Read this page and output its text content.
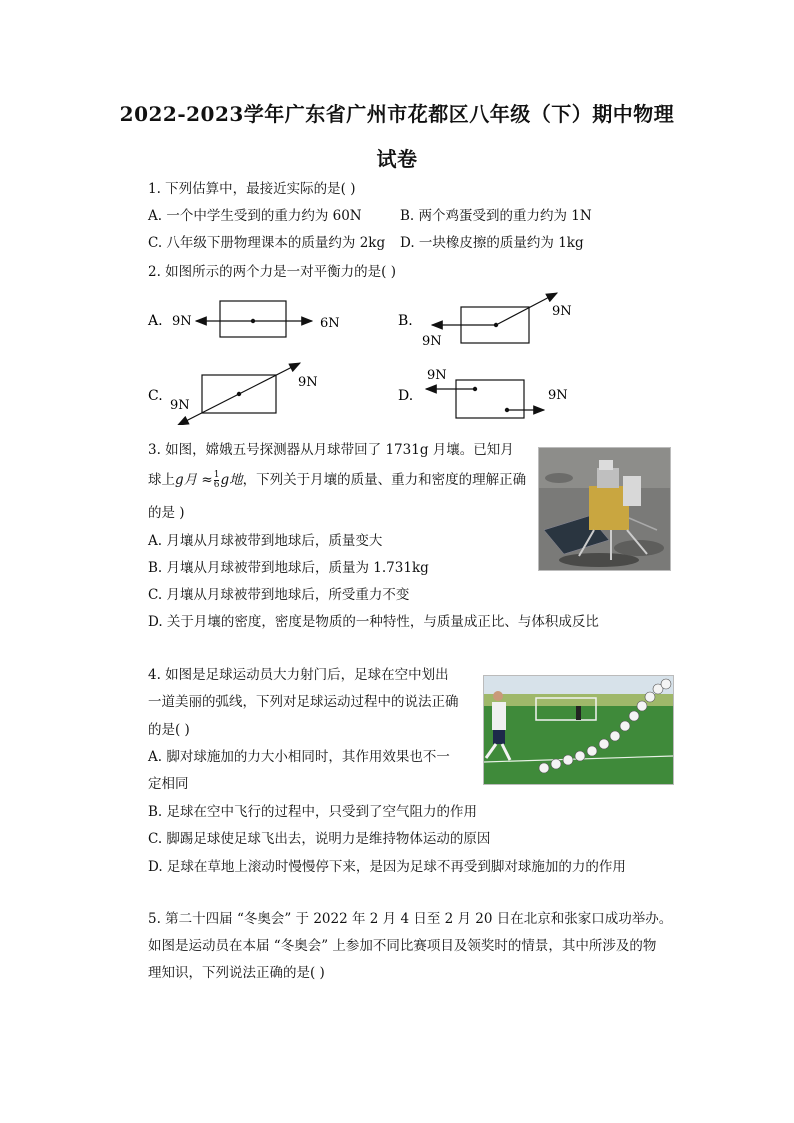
2022-2023学年广东省广州市花都区八年级（下）期中物理
试卷
1. 下列估算中，最接近实际的是( )
A. 一个中学生受到的重力约为 60N	B. 两个鸡蛋受到的重力约为 1N
C. 八年级下册物理课本的质量约为 2kg D. 一块橡皮擦的质量约为 1kg
2. 如图所示的两个力是一对平衡力的是( )
A. 9N	6N	B.
9N
9N
C.
9N
9N
D.
9N
9N
3. 如图，嫦娥五号探测器从月球带回了 1731g 月壤。已知月
球上g月 ≈ $\frac{1}{6}$ g地，下列关于月壤的质量、重力和密度的理解正确
的是 )
A. 月壤从月球被带到地球后，质量变大
B. 月壤从月球被带到地球后，质量为 1.731kg
C. 月壤从月球被带到地球后，所受重力不变
D. 关于月壤的密度，密度是物质的一种特性，与质量成正比、与体积成反比
4. 如图是足球运动员大力射门后，足球在空中划出
一道美丽的弧线，下列对足球运动过程中的说法正确
的是( )
A. 脚对球施加的力大小相同时，其作用效果也不一
定相同
B. 足球在空中飞行的过程中，只受到了空气阻力的作用
C. 脚踢足球使足球飞出去，说明力是维持物体运动的原因
D. 足球在草地上滚动时慢慢停下来，是因为足球不再受到脚对球施加的力的作用
5. 第二十四届 “冬奥会” 于 2022 年 2 月 4 日至 2 月 20 日在北京和张家口成功举办。
如图是运动员在本届 “冬奥会” 上参加不同比赛项目及领奖时的情景，其中所涉及的物
理知识，下列说法正确的是( )
